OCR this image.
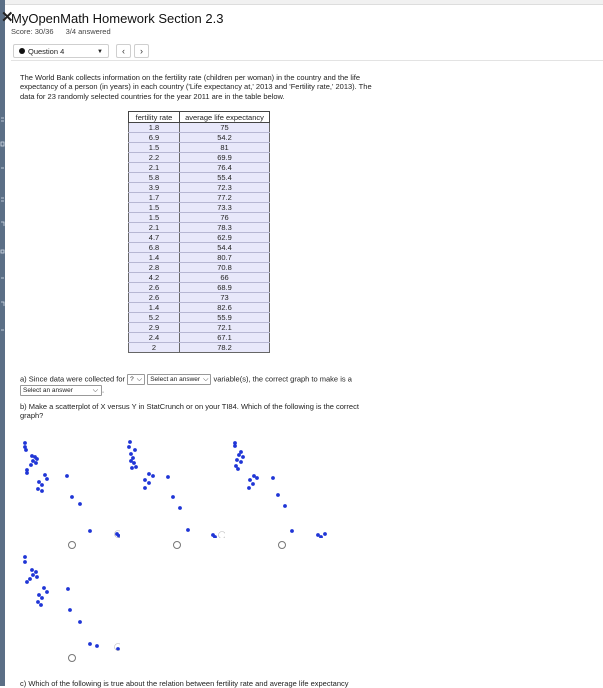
✕
MyOpenMath Homework Section 2.3
Score: 30/36 3/4 answered
Question 4	▼	‹	›
The World Bank collects information on the fertility rate (children per woman) in the country and the life expectancy of a person (in years) in each country ('Life expectancy at,' 2013 and 'Fertility rate,' 2013). The data for 23 randomly selected countries for the year 2011 are in the table below.
fertility rate	average life expectancy
1.8	75
6.9	54.2
1.5	81
2.2	69.9
2.1	76.4
5.8	55.4
3.9	72.3
1.7	77.2
1.5	73.3
1.5	76
2.1	78.3
4.7	62.9
6.8	54.4
1.4	80.7
2.8	70.8
4.2	66
2.6	68.9
2.6	73
1.4	82.6
5.2	55.9
2.9	72.1
2.4	67.1
2	78.2
a) Since data were collected for ? ⌵ Select an answer ⌵ variable(s), the correct graph to make is a
Select an answer	⌵ .
b) Make a scatterplot of X versus Y in StatCrunch or on your TI84. Which of the following is the correct graph?
c) Which of the following is true about the relation between fertility rate and average life expectancy
